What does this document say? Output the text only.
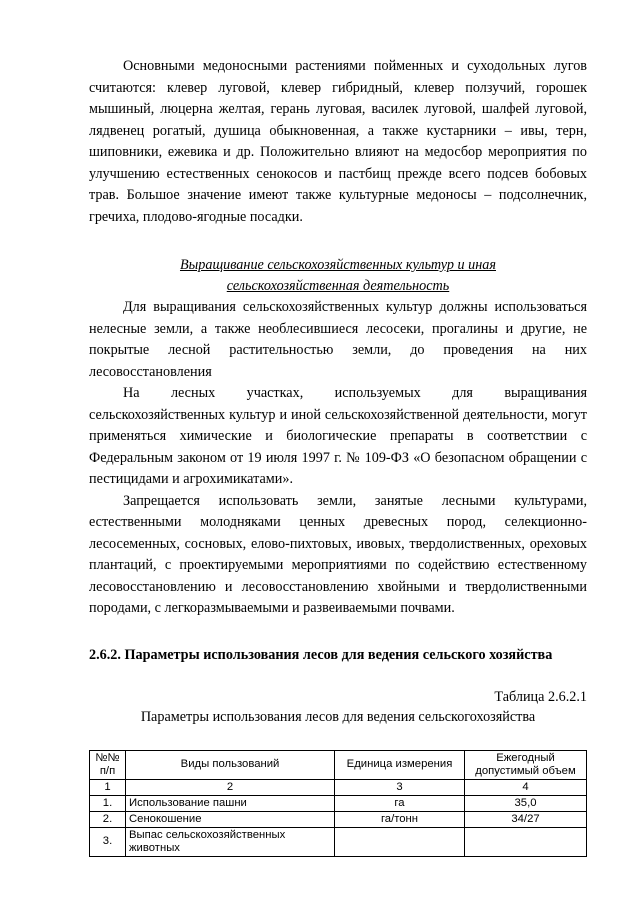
Основными медоносными растениями пойменных и суходольных лугов считаются: клевер луговой, клевер гибридный, клевер ползучий, горошек мышиный, люцерна желтая, герань луговая, василек луговой, шалфей луговой, лядвенец рогатый, душица обыкновенная, а также кустарники – ивы, терн, шиповники, ежевика и др. Положительно влияют на медосбор мероприятия по улучшению естественных сенокосов и пастбищ прежде всего подсев бобовых трав. Большое значение имеют также культурные медоносы – подсолнечник, гречиха, плодово-ягодные посадки.

Выращивание сельскохозяйственных культур и иная

сельскохозяйственная деятельность

Для выращивания сельскохозяйственных культур должны использоваться нелесные земли, а также необлесившиеся лесосеки, прогалины и другие, не покрытые лесной растительностью земли, до проведения на них лесовосстановления

На лесных участках, используемых для выращивания сельскохозяйственных культур и иной сельскохозяйственной деятельности, могут применяться химические и биологические препараты в соответствии с Федеральным законом от 19 июля 1997 г. № 109-ФЗ «О безопасном обращении с пестицидами и агрохимикатами».

Запрещается использовать земли, занятые лесными культурами, естественными молодняками ценных древесных пород, селекционно-лесосеменных, сосновых, елово-пихтовых, ивовых, твердолиственных, ореховых плантаций, с проектируемыми мероприятиями по содействию естественному лесовосстановлению и лесовосстановлению хвойными и твердолиственными породами, с легкоразмываемыми и развеиваемыми почвами.

2.6.2. Параметры использования лесов для ведения сельского хозяйства

Таблица 2.6.2.1

Параметры использования лесов для ведения сельскогохозяйства

№№ п/п	Виды пользований	Единица измерения	Ежегодный допустимый объем
1	2	3	4
1.	Использование пашни	га	35,0
2.	Сенокошение	га/тонн	34/27
3.	Выпас сельскохозяйственных животных		
